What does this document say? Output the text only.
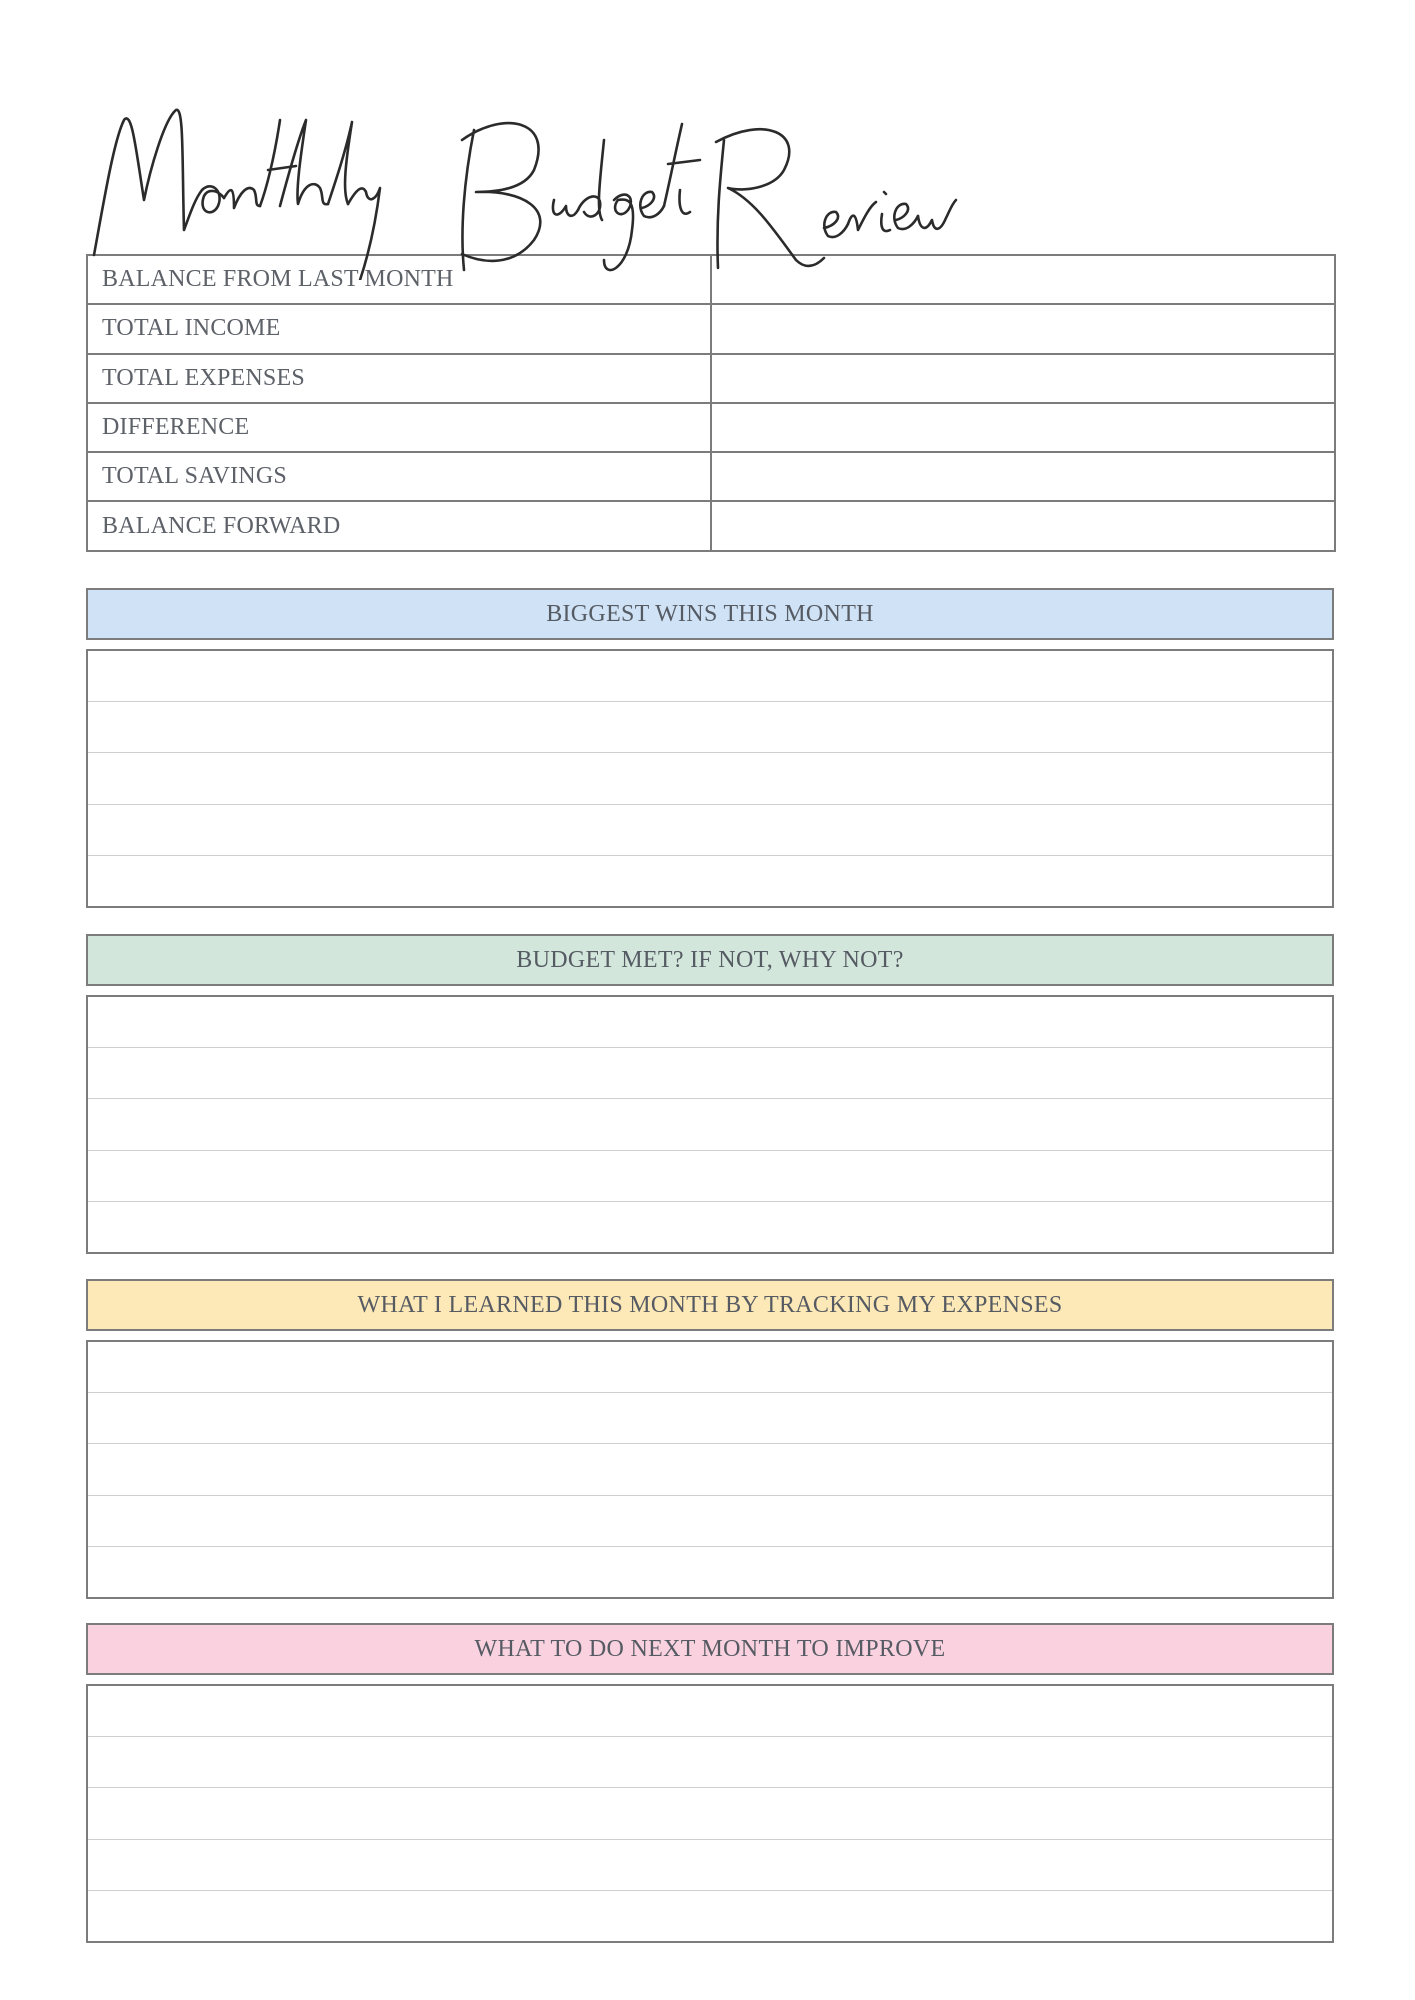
BALANCE FROM LAST MONTH	
TOTAL INCOME	
TOTAL EXPENSES	
DIFFERENCE	
TOTAL SAVINGS	
BALANCE FORWARD	
BIGGEST WINS THIS MONTH
BUDGET MET? IF NOT, WHY NOT?
WHAT I LEARNED THIS MONTH BY TRACKING MY EXPENSES
WHAT TO DO NEXT MONTH TO IMPROVE
